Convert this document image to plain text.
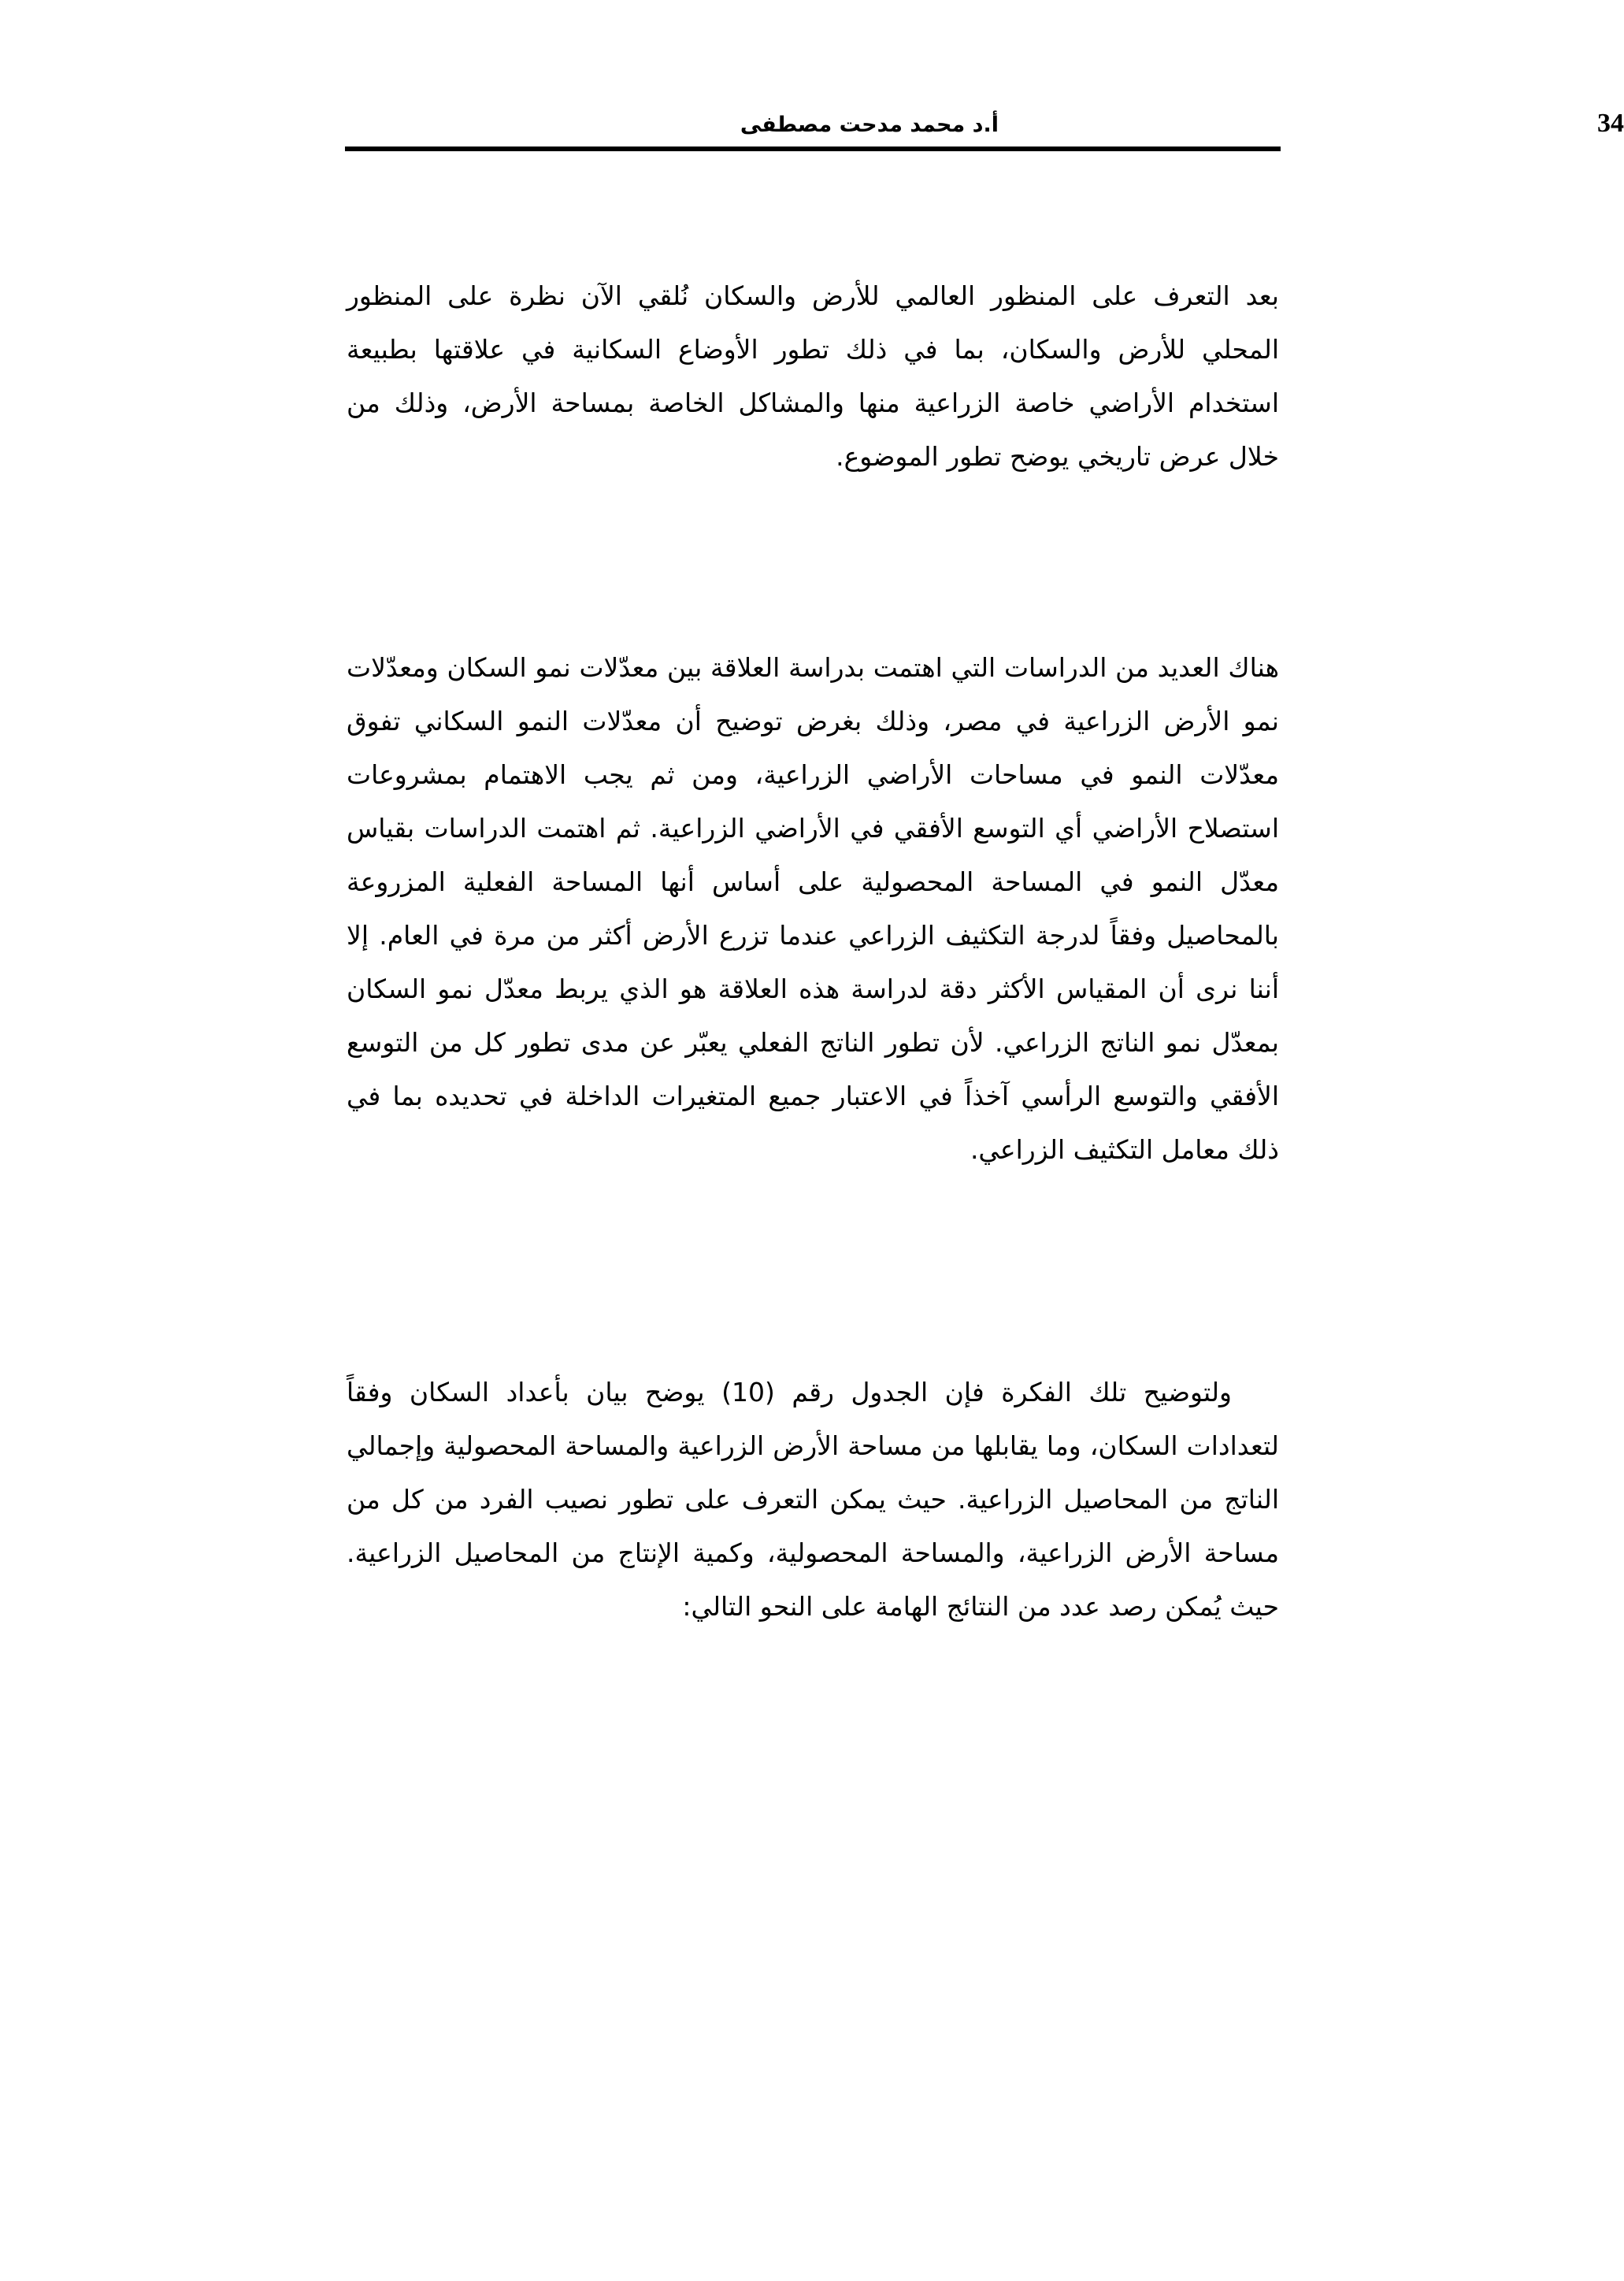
34
أ.د محمد مدحت مصطفى

بعد التعرف على المنظور العالمي للأرض والسكان نُلقي الآن نظرة على المنظور المحلي للأرض والسكان، بما في ذلك تطور الأوضاع السكانية في علاقتها بطبيعة استخدام الأراضي خاصة الزراعية منها والمشاكل الخاصة بمساحة الأرض، وذلك من خلال عرض تاريخي يوضح تطور الموضوع.

هناك العديد من الدراسات التي اهتمت بدراسة العلاقة بين معدّلات نمو السكان ومعدّلات نمو الأرض الزراعية في مصر، وذلك بغرض توضيح أن معدّلات النمو السكاني تفوق معدّلات النمو في مساحات الأراضي الزراعية، ومن ثم يجب الاهتمام بمشروعات استصلاح الأراضي أي التوسع الأفقي في الأراضي الزراعية. ثم اهتمت الدراسات بقياس معدّل النمو في المساحة المحصولية على أساس أنها المساحة الفعلية المزروعة بالمحاصيل وفقاً لدرجة التكثيف الزراعي عندما تزرع الأرض أكثر من مرة في العام. إلا أننا نرى أن المقياس الأكثر دقة لدراسة هذه العلاقة هو الذي يربط معدّل نمو السكان بمعدّل نمو الناتج الزراعي. لأن تطور الناتج الفعلي يعبّر عن مدى تطور كل من التوسع الأفقي والتوسع الرأسي آخذاً في الاعتبار جميع المتغيرات الداخلة في تحديده بما في ذلك معامل التكثيف الزراعي.

ولتوضيح تلك الفكرة فإن الجدول رقم (10) يوضح بيان بأعداد السكان وفقاً لتعدادات السكان، وما يقابلها من مساحة الأرض الزراعية والمساحة المحصولية وإجمالي الناتج من المحاصيل الزراعية. حيث يمكن التعرف على تطور نصيب الفرد من كل من مساحة الأرض الزراعية، والمساحة المحصولية، وكمية الإنتاج من المحاصيل الزراعية. حيث يُمكن رصد عدد من النتائج الهامة على النحو التالي:
